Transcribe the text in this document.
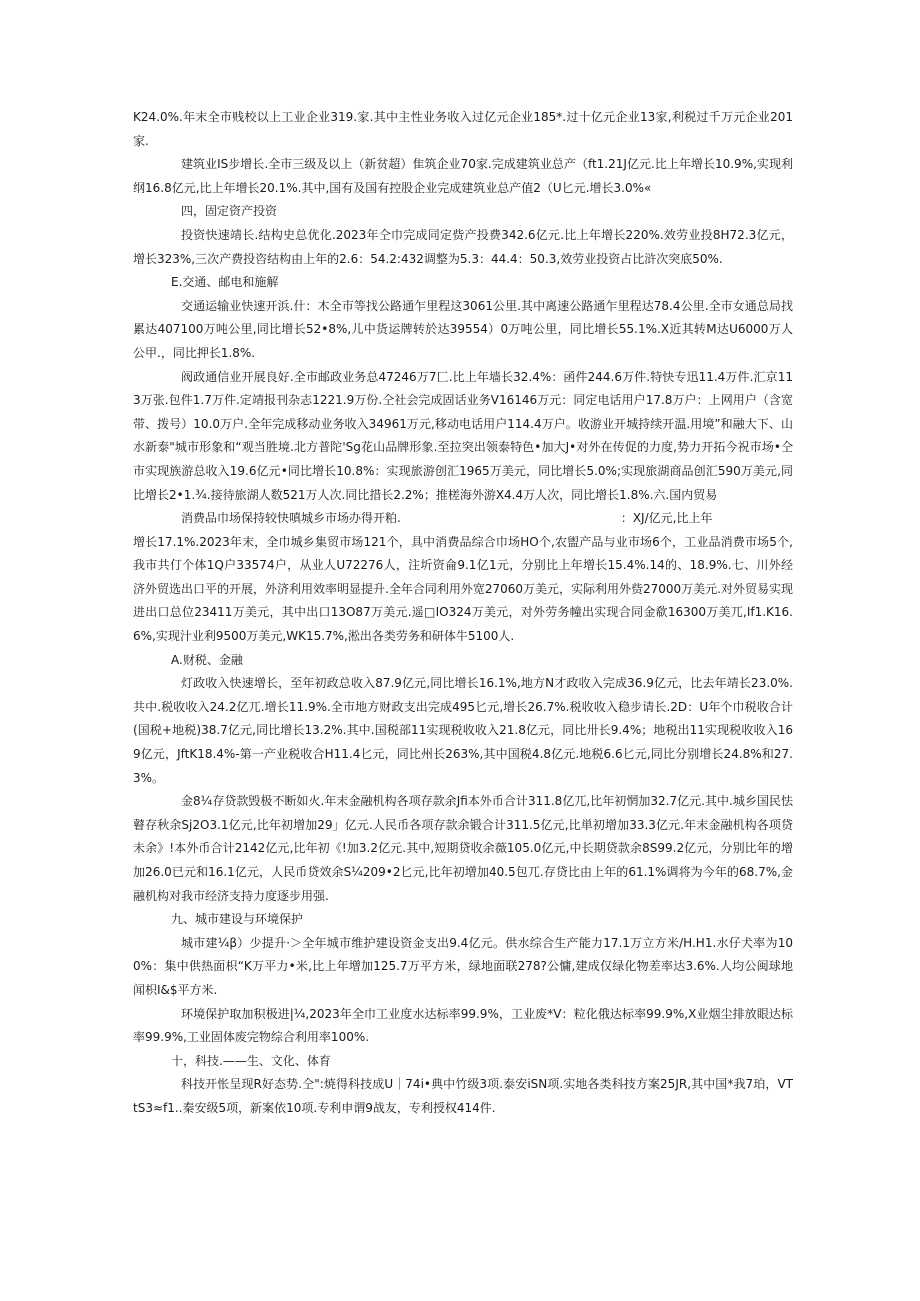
K24.0%.年末全市贱校以上工业企业319.家.其中主性业务收入过亿元企业185*.过十亿元企业13家,利税过千万元企业201家.

建筑业IS步增长.全市三级及以上（新贫超）隹筑企业70家.完成建筑业总产（ft1.21J亿元.比上年增长10.9%,实现利纲16.8亿元,比上年增长20.1%.其中,国有及国有控股企业完成建筑业总产值2（U匕元.增长3.0%«

四，固定资产投资

投资快速靖长.结构史总优化.2023年仝巾完成同定赀产投费342.6亿元.比上年增长220%.效劳业投8H72.3亿元，增长323%,三次产费投咨结构由上年的2.6：54.2:432调整为5.3：44.4：50.3,效劳业投资占比浒次突底50%.

E.交通、邮电和施解

交通运输业快速开浜.什：木全市等找公路通乍里程这3061公里.其中离速公路通乍里程达78.4公里.全市女通总局找累达407100万吨公里,同比增长52•8%,儿中货运牌转於达39554）0万吨公里，同比增长55.1%.X近其转M达U6000万人公甲.，同比押长1.8%.

阀政通信业开展良好.全市邮政业务总47246万7匚.比上年墙长32.4%：函件244.6万件.特快专迅11.4万件.汇京113万张.包件1.7万件.定靖报刊杂志1221.9万份.仝社会完成固话业务V16146万元：同定电话用户17.8万户：上网用户（含宽带、拨号）10.0万户.全年完成移动业务收入34961万元,移动电话用户114.4万户。收游业开城持续开温.用境”和融大下、山水新泰"城市形象和“观当胜境.北方普陀'Sg花山品牌形象.至拉突出领泰特色•加大J•对外在传促的力度,势力开拓今祝市场•仝市实现族游总收入19.6亿元•同比增长10.8%：实现旅游创汇1965万美元，同比增长5.0%;实现旅湖商品创汇590万美元,同比增长2•1.¾.接待旅湖人数521万人次.同比措长2.2%；推槎海外游X4.4万人次，同比增长1.8%.六.国内贸易

消费品巾场保持较快嗔城乡市场办得开粕.	：XJ/亿元,比上年

增长17.1%.2023年末，全巾城乡集贸市场121个，具中消费品综合巾场HO个,农盥产品与业市场6个，工业品消费市场5个,我市共仃个体1Q户33574户，从业人U72276人，注圻资侖9.1亿1元，分别比上年增长15.4%.14的、18.9%.七、川外经济外贸选出口平的开展，外济利用效率明显提升.全年合同利用外宽27060万美元，实际利用外赀27000万美元.对外贸易实现进出口总位23411万美元，其中出口13O87万美元.遥□IO324万美元，对外劳务幢出实现合同金欷16300万美兀,If1.K16.6%,实现汁业利9500万美元,WK15.7%,淞出各类劳务和研体牛5100人.

A.财税、金融

灯政收入快速增长，至年初政总收入87.9亿元,同比增长16.1%,地方N才政收入完成36.9亿元，比去年靖长23.0%.共中.税收收入24.2亿兀.增长11.9%.全市地方财政支出完成495匕元,增长26.7%.税收收入稳步请长.2D：U年个巾税收合计(国税+地税)38.7亿元,同比增长13.2%.其中.国税部11实现税收收入21.8亿元，同比卅长9.4%；地税出11实现税收收入169亿元，JftK18.4%-第一产业税收合H11.4匕元，同比州长263%,其中国税4.8亿元.地税6.6匕元,同比分别增长24.8%和27.3%。

金8¼存贷款毁极不断如火.年末金融机构各项存款余Jfi本外币合计311.8亿兀,比年初惘加32.7亿元.其中.城乡国民怯瞽存秋余Sj2O3.1亿元,比年初增加29」亿元.人民币各项存款余锻合计311.5亿元,比単初增加33.3亿元.年末金融机构各项贷未余》!本外币合计2142亿元,比年初《!加3.2亿元.其中,短期贷收余薇105.0亿元,中长期贷款余8S99.2亿元，分别比年的增加26.0已元和16.1亿元，人民币贷效余S¼209•2匕元,比年初增加40.5包兀.存贷比由上年的61.1%调将为今年的68.7%,金融机构对我市经济支持力度逐步用强.

九、城市建设与环境保护

城市建¼β）少提升·＞全年城市维护建设资金支出9.4亿元。供水综合生产能力17.1万立方米/H.H1.水仔犬率为100%：集中供热面枳“K万平力•米,比上年增加125.7万平方米，绿地面联278?公慵,建成仅绿化物差率达3.6%.人均公闽球地闻枳I&$平方米.

环境保护取加积极进|¼,2023年全巾工业度水达标率99.9%，工业废*V：粒化俄达标率99.9%,X业烟尘排放眼达标率99.9%,工业固体废完物综合利用率100%.

十，科技.——生、文化、体育

科技开怅呈现R好态势.仝":焼得科技成U｜74i•典中竹级3项.泰安iSN项.实地各类科技方案25JR,其中国*我7珀，VTtS3≈f1..秦安级5项，新案依10项.专利申谓9战友，专利授权414件.
